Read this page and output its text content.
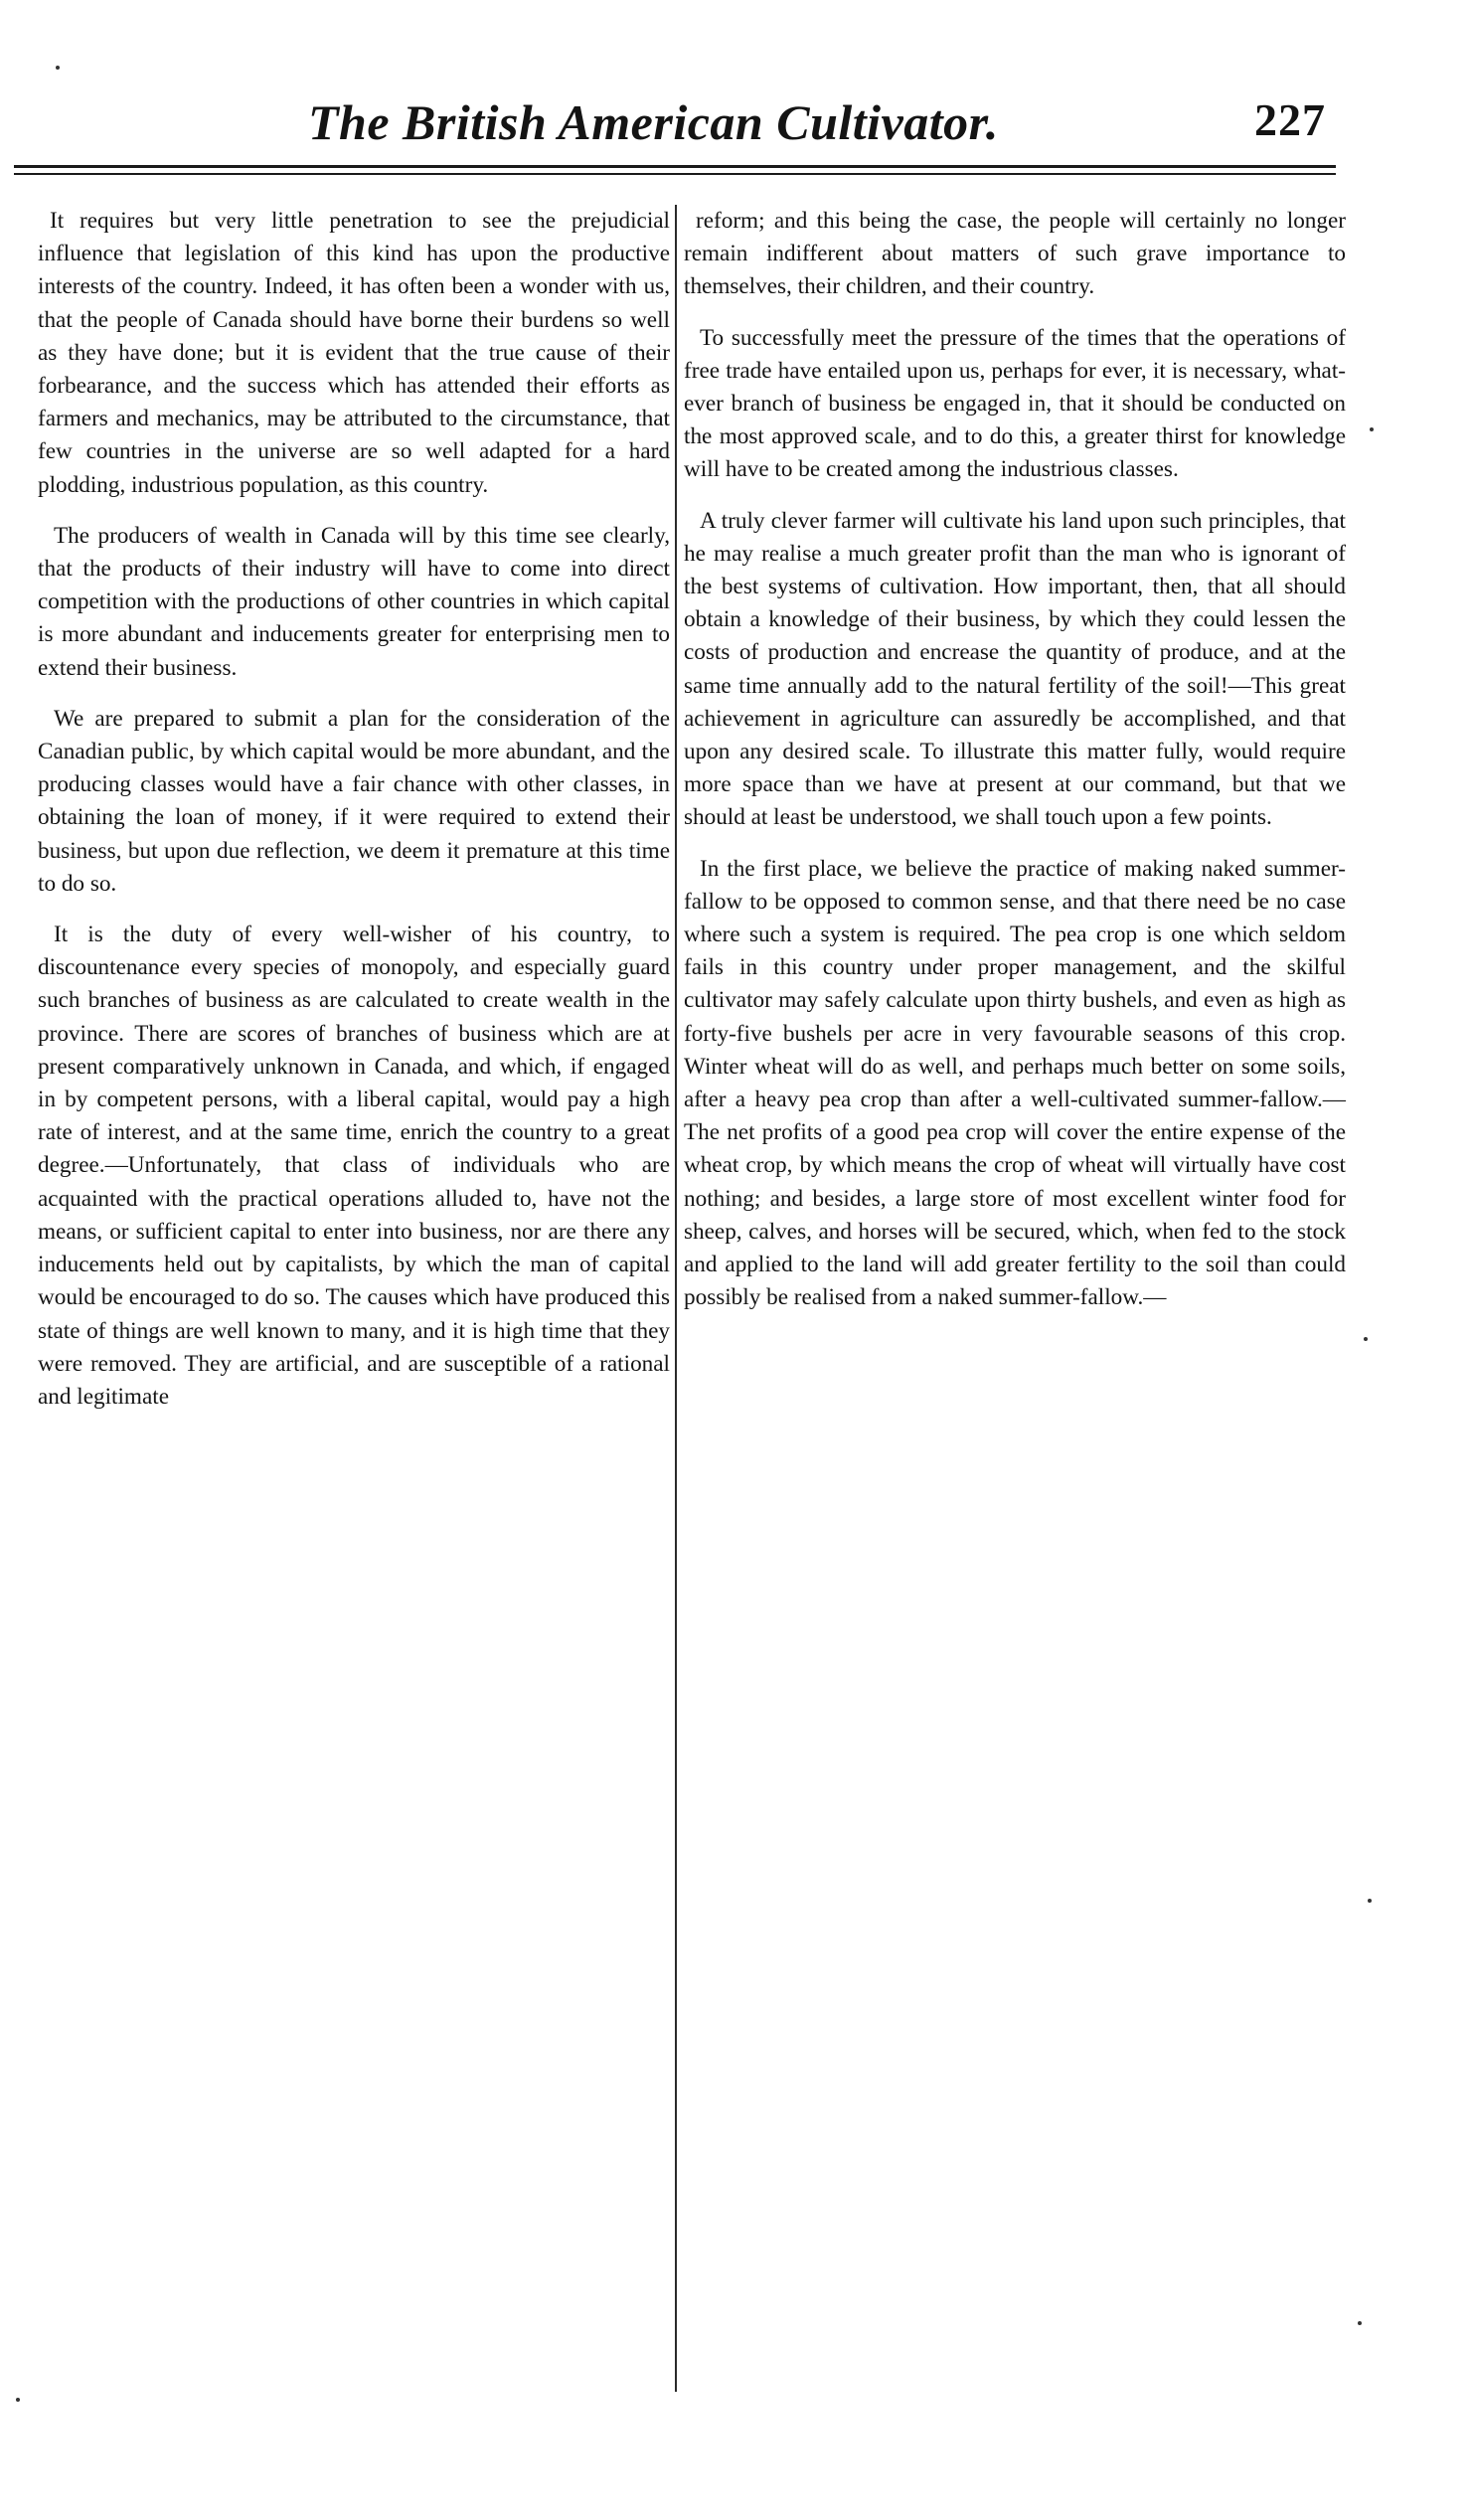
The British American Cultivator.	227

It requires but very little penetration to see the prejudicial influence that legislation of this kind has upon the productive interests of the country. Indeed, it has often been a wonder with us, that the people of Canada should have borne their burdens so well as they have done; but it is evident that the true cause of their forbearance, and the success which has attended their efforts as farmers and mechanics, may be attributed to the circumstance, that few countries in the universe are so well adapted for a hard plodding, industrious population, as this country.

The producers of wealth in Canada will by this time see clearly, that the products of their industry will have to come into direct competition with the productions of other countries in which capital is more abundant and inducements greater for enterprising men to extend their business.

We are prepared to submit a plan for the consideration of the Canadian public, by which capital would be more abundant, and the producing classes would have a fair chance with other classes, in obtaining the loan of money, if it were required to extend their business, but upon due reflection, we deem it premature at this time to do so.

It is the duty of every well-wisher of his country, to discountenance every species of monopoly, and especially guard such branches of business as are calculated to create wealth in the province. There are scores of branches of business which are at present comparatively unknown in Canada, and which, if engaged in by competent persons, with a liberal capital, would pay a high rate of interest, and at the same time, enrich the country to a great degree.—Unfortunately, that class of individuals who are acquainted with the practical operations alluded to, have not the means, or sufficient capital to enter into business, nor are there any inducements held out by capitalists, by which the man of capital would be encouraged to do so. The causes which have produced this state of things are well known to many, and it is high time that they were removed. They are artificial, and are susceptible of a rational and legitimate

reform; and this being the case, the people will certainly no longer remain indifferent about matters of such grave importance to themselves, their children, and their country.

To successfully meet the pressure of the times that the operations of free trade have entailed upon us, perhaps for ever, it is necessary, what-ever branch of business be engaged in, that it should be conducted on the most approved scale, and to do this, a greater thirst for knowledge will have to be created among the industrious classes.

A truly clever farmer will cultivate his land upon such principles, that he may realise a much greater profit than the man who is ignorant of the best systems of cultivation. How important, then, that all should obtain a knowledge of their business, by which they could lessen the costs of production and encrease the quantity of produce, and at the same time annually add to the natural fertility of the soil!—This great achievement in agriculture can assuredly be accomplished, and that upon any desired scale. To illustrate this matter fully, would require more space than we have at present at our command, but that we should at least be understood, we shall touch upon a few points.

In the first place, we believe the practice of making naked summer-fallow to be opposed to common sense, and that there need be no case where such a system is required. The pea crop is one which seldom fails in this country under proper management, and the skilful cultivator may safely calculate upon thirty bushels, and even as high as forty-five bushels per acre in very favourable seasons of this crop. Winter wheat will do as well, and perhaps much better on some soils, after a heavy pea crop than after a well-cultivated summer-fallow.—The net profits of a good pea crop will cover the entire expense of the wheat crop, by which means the crop of wheat will virtually have cost nothing; and besides, a large store of most excellent winter food for sheep, calves, and horses will be secured, which, when fed to the stock and applied to the land will add greater fertility to the soil than could possibly be realised from a naked summer-fallow.—
